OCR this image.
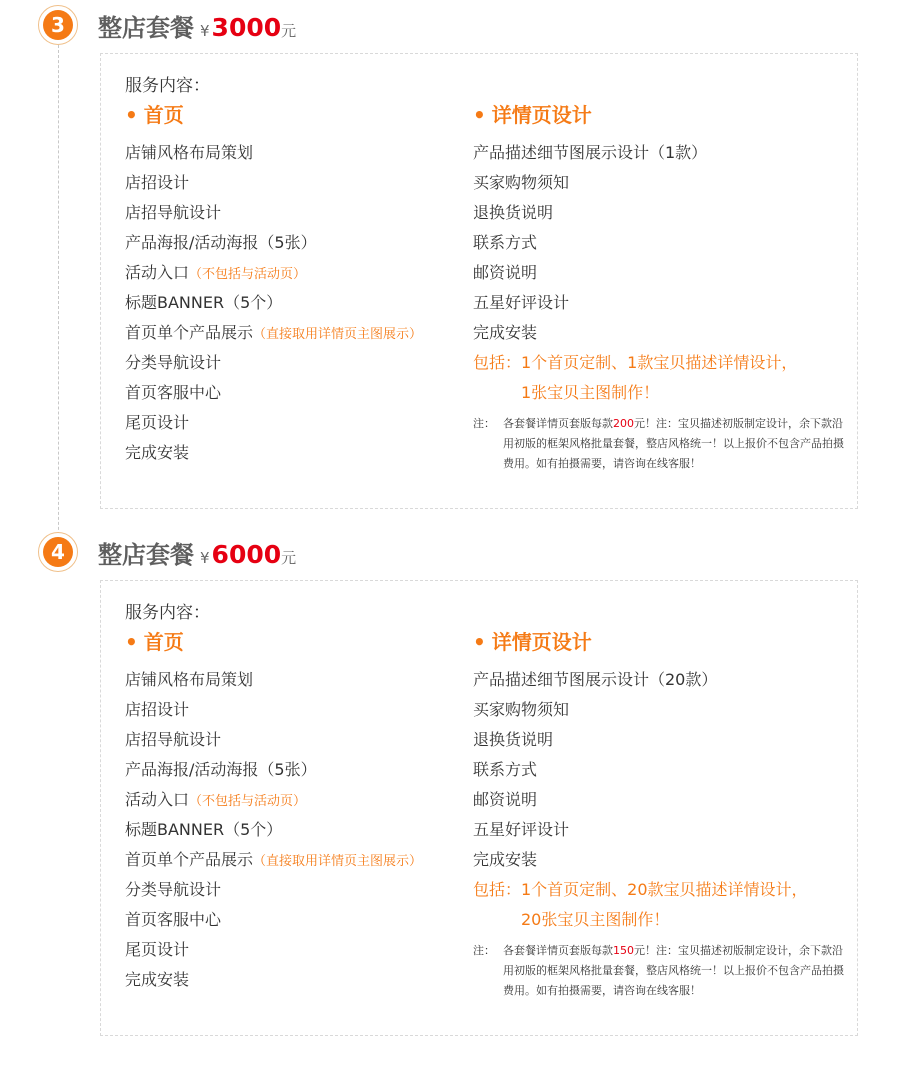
3	整店套餐 ¥3000元
服务内容：
• 首页
店铺风格布局策划
店招设计
店招导航设计
产品海报/活动海报（5张）
活动入口（不包括与活动页）
标题BANNER（5个）
首页单个产品展示（直接取用详情页主图展示）
分类导航设计
首页客服中心
尾页设计
完成安装
• 详情页设计
产品描述细节图展示设计（1款）
买家购物须知
退换货说明
联系方式
邮资说明
五星好评设计
完成安装
包括：1个首页定制、1款宝贝描述详情设计，
1张宝贝主图制作！
注： 各套餐详情页套版每款200元！注：宝贝描述初版制定设计，余下款沿用初版的框架风格批量套餐，整店风格统一！以上报价不包含产品拍摄费用。如有拍摄需要，请咨询在线客服！
4	整店套餐 ¥6000元
服务内容：
• 首页
店铺风格布局策划
店招设计
店招导航设计
产品海报/活动海报（5张）
活动入口（不包括与活动页）
标题BANNER（5个）
首页单个产品展示（直接取用详情页主图展示）
分类导航设计
首页客服中心
尾页设计
完成安装
• 详情页设计
产品描述细节图展示设计（20款）
买家购物须知
退换货说明
联系方式
邮资说明
五星好评设计
完成安装
包括：1个首页定制、20款宝贝描述详情设计，
20张宝贝主图制作！
注： 各套餐详情页套版每款150元！注：宝贝描述初版制定设计，余下款沿用初版的框架风格批量套餐，整店风格统一！以上报价不包含产品拍摄费用。如有拍摄需要，请咨询在线客服！
